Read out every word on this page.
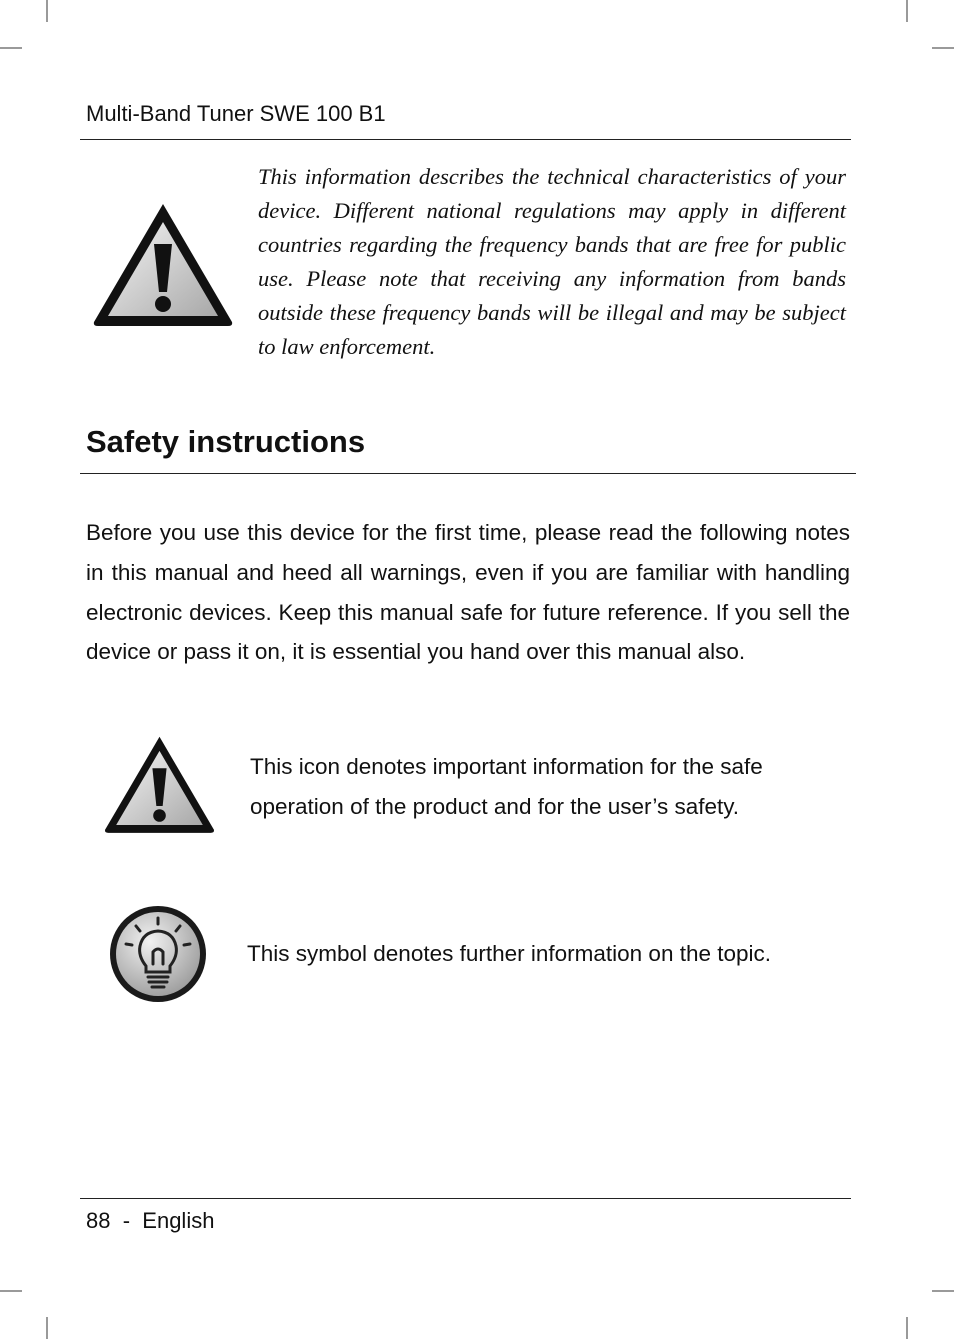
Multi-Band Tuner SWE 100 B1
This information describes the technical characteristics of your device. Different national regulations may apply in different countries regarding the frequency bands that are free for public use. Please note that receiving any information from bands outside these frequency bands will be illegal and may be subject to law enforcement.
Safety instructions

Before you use this device for the first time, please read the following notes in this manual and heed all warnings, even if you are familiar with handling electronic devices. Keep this manual safe for future reference. If you sell the device or pass it on, it is essential you hand over this manual also.

This icon denotes important information for the safe operation of the product and for the user’s safety.

This symbol denotes further information on the topic.

88 - English
